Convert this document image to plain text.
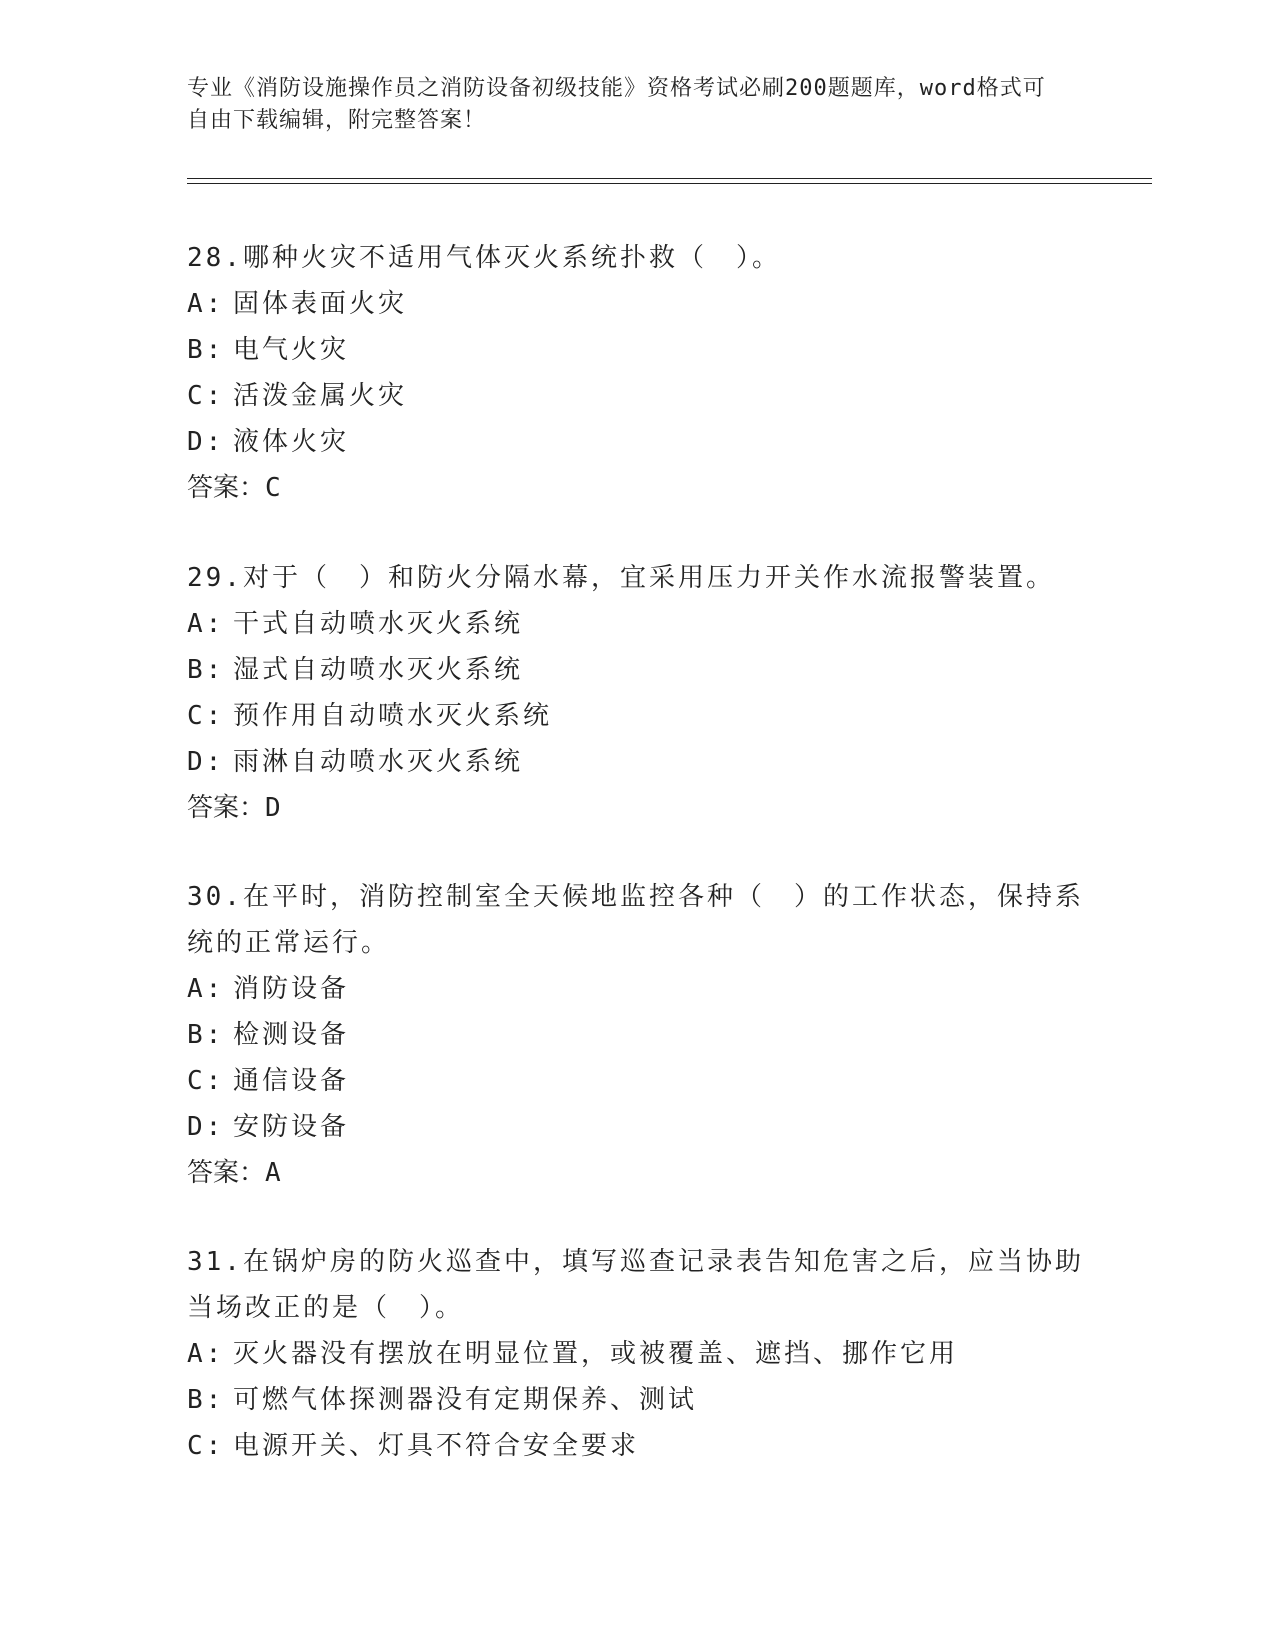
专业《消防设施操作员之消防设备初级技能》资格考试必刷200题题库，word格式可自由下载编辑，附完整答案！
28.哪种火灾不适用气体灭火系统扑救（　）。
A: 固体表面火灾
B: 电气火灾
C: 活泼金属火灾
D: 液体火灾
答案：C
29.对于（　）和防火分隔水幕，宜采用压力开关作水流报警装置。
A: 干式自动喷水灭火系统
B: 湿式自动喷水灭火系统
C: 预作用自动喷水灭火系统
D: 雨淋自动喷水灭火系统
答案：D
30.在平时，消防控制室全天候地监控各种（　）的工作状态，保持系统的正常运行。
A: 消防设备
B: 检测设备
C: 通信设备
D: 安防设备
答案：A
31.在锅炉房的防火巡查中，填写巡查记录表告知危害之后，应当协助当场改正的是（　）。
A: 灭火器没有摆放在明显位置，或被覆盖、遮挡、挪作它用
B: 可燃气体探测器没有定期保养、测试
C: 电源开关、灯具不符合安全要求
